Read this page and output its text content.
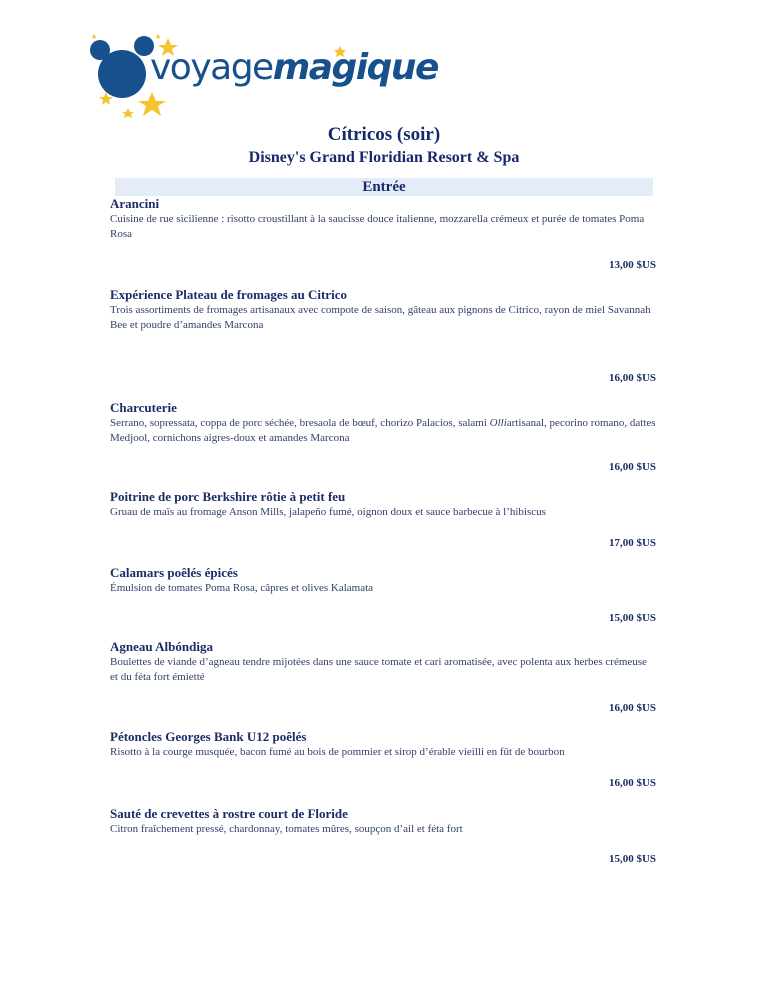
voyagemagique
Cítricos (soir)
Disney's Grand Floridian Resort & Spa
Entrée
Arancini
Cuisine de rue sicilienne : risotto croustillant à la saucisse douce italienne, mozzarella crémeux et purée de tomates Poma Rosa
13,00 $US
Expérience Plateau de fromages au Citrico
Trois assortiments de fromages artisanaux avec compote de saison, gâteau aux pignons de Citrico, rayon de miel Savannah Bee et poudre d’amandes Marcona
16,00 $US
Charcuterie
Serrano, sopressata, coppa de porc séchée, bresaola de bœuf, chorizo Palacios, salami Olliartisanal, pecorino romano, dattes Medjool, cornichons aigres-doux et amandes Marcona
16,00 $US
Poitrine de porc Berkshire rôtie à petit feu
Gruau de maïs au fromage Anson Mills, jalapeño fumé, oignon doux et sauce barbecue à l’hibiscus
17,00 $US
Calamars poêlés épicés
Émulsion de tomates Poma Rosa, câpres et olives Kalamata
15,00 $US
Agneau Albóndiga
Boulettes de viande d’agneau tendre mijotées dans une sauce tomate et cari aromatisée, avec polenta aux herbes crémeuse et du féta fort émietté
16,00 $US
Pétoncles Georges Bank U12 poêlés
Risotto à la courge musquée, bacon fumé au bois de pommier et sirop d’érable vieilli en fût de bourbon
16,00 $US
Sauté de crevettes à rostre court de Floride
Citron fraîchement pressé, chardonnay, tomates mûres, soupçon d’ail et féta fort
15,00 $US
